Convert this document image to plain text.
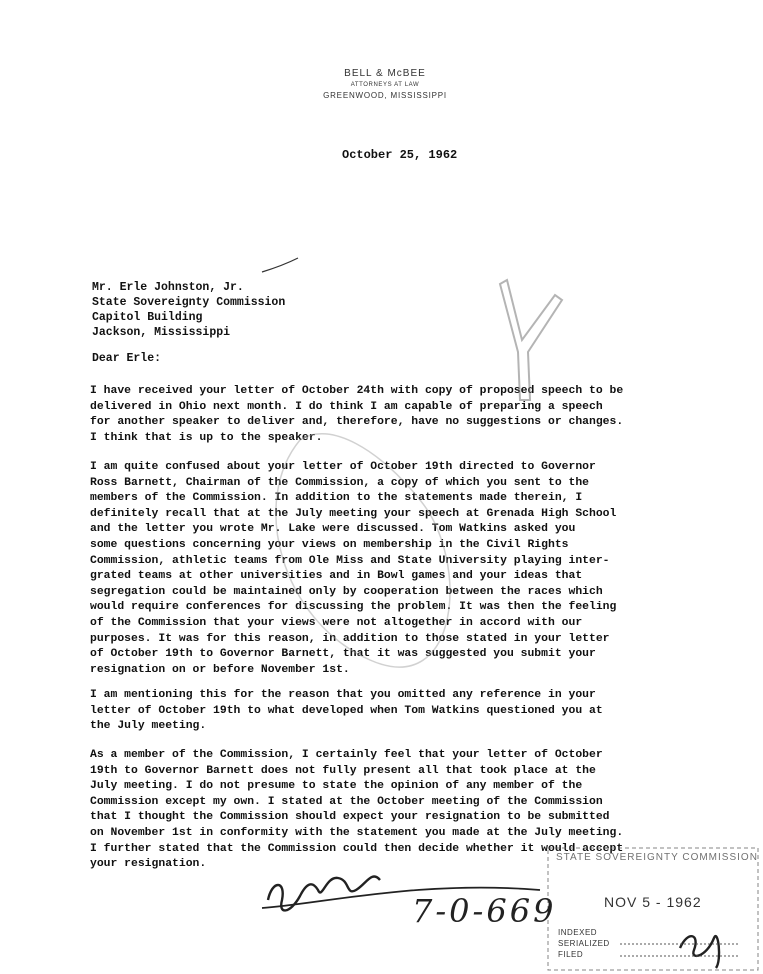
BELL & McBEE
ATTORNEYS AT LAW
GREENWOOD, MISSISSIPPI
October 25, 1962
Mr. Erle Johnston, Jr.
State Sovereignty Commission
Capitol Building
Jackson, Mississippi
Dear Erle:
I have received your letter of October 24th with copy of proposed speech to be
delivered in Ohio next month. I do think I am capable of preparing a speech
for another speaker to deliver and, therefore, have no suggestions or changes.
I think that is up to the speaker.
I am quite confused about your letter of October 19th directed to Governor
Ross Barnett, Chairman of the Commission, a copy of which you sent to the
members of the Commission. In addition to the statements made therein, I
definitely recall that at the July meeting your speech at Grenada High School
and the letter you wrote Mr. Lake were discussed. Tom Watkins asked you
some questions concerning your views on membership in the Civil Rights
Commission, athletic teams from Ole Miss and State University playing inter-
grated teams at other universities and in Bowl games and your ideas that
segregation could be maintained only by cooperation between the races which
would require conferences for discussing the problem. It was then the feeling
of the Commission that your views were not altogether in accord with our
purposes. It was for this reason, in addition to those stated in your letter
of October 19th to Governor Barnett, that it was suggested you submit your
resignation on or before November 1st.
I am mentioning this for the reason that you omitted any reference in your
letter of October 19th to what developed when Tom Watkins questioned you at
the July meeting.
As a member of the Commission, I certainly feel that your letter of October
19th to Governor Barnett does not fully present all that took place at the
July meeting. I do not presume to state the opinion of any member of the
Commission except my own. I stated at the October meeting of the Commission
that I thought the Commission should expect your resignation to be submitted
on November 1st in conformity with the statement you made at the July meeting.
I further stated that the Commission could then decide whether it would accept
your resignation.
7-0-669
STATE SOVEREIGNTY COMMISSION
NOV 5 - 1962
INDEXED
SERIALIZED
FILED
